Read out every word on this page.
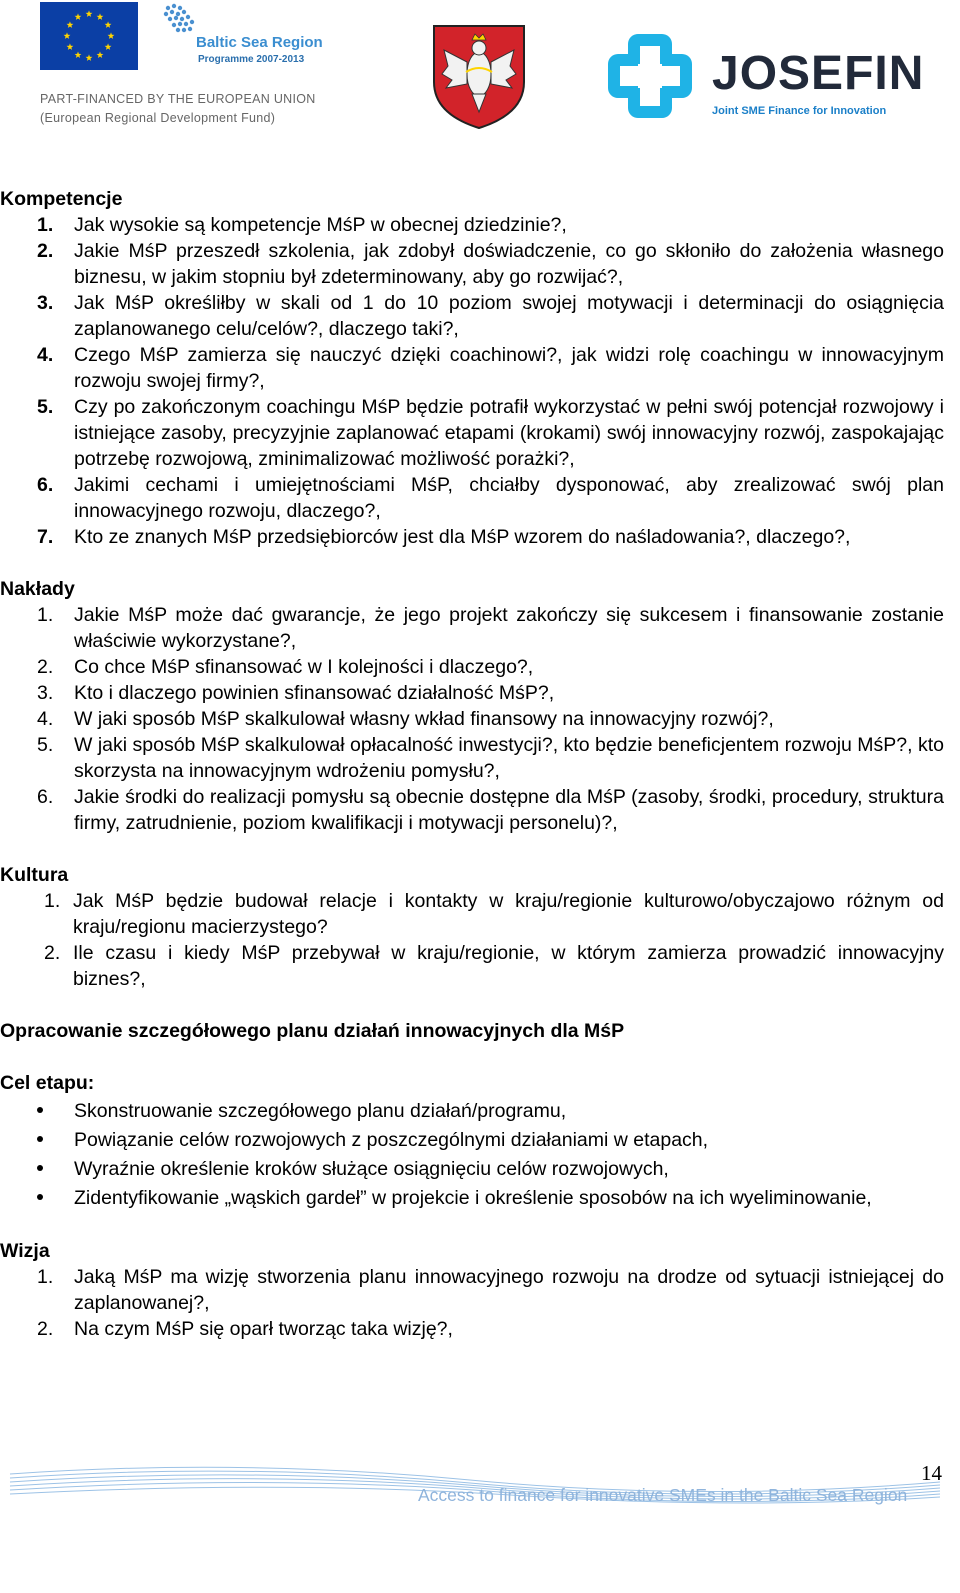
Baltic Sea Region
Programme 2007-2013
PART-FINANCED BY THE EUROPEAN UNION
(European Regional Development Fund)
JOSEFIN
Joint SME Finance for Innovation
Kompetencje
1. Jak wysokie są kompetencje MśP w obecnej dziedzinie?,
2. Jakie MśP przeszedł szkolenia, jak zdobył doświadczenie, co go skłoniło do założenia własnego biznesu, w jakim stopniu był zdeterminowany, aby go rozwijać?,
3. Jak MśP określiłby w skali od 1 do 10 poziom swojej motywacji i determinacji do osiągnięcia zaplanowanego celu/celów?, dlaczego taki?,
4. Czego MśP zamierza się nauczyć dzięki coachinowi?, jak widzi rolę coachingu w innowacyjnym rozwoju swojej firmy?,
5. Czy po zakończonym coachingu MśP będzie potrafił wykorzystać w pełni swój potencjał rozwojowy i istniejące zasoby, precyzyjnie zaplanować etapami (krokami) swój innowacyjny rozwój, zaspokajając potrzebę rozwojową, zminimalizować możliwość porażki?,
6. Jakimi cechami i umiejętnościami MśP, chciałby dysponować, aby zrealizować swój plan innowacyjnego rozwoju, dlaczego?,
7. Kto ze znanych MśP przedsiębiorców jest dla MśP wzorem do naśladowania?, dlaczego?,
Nakłady
1. Jakie MśP może dać gwarancje, że jego projekt zakończy się sukcesem i finansowanie zostanie właściwie wykorzystane?,
2. Co chce MśP sfinansować w I kolejności i dlaczego?,
3. Kto i dlaczego powinien sfinansować działalność MśP?,
4. W jaki sposób MśP skalkulował własny wkład finansowy na innowacyjny rozwój?,
5. W jaki sposób MśP skalkulował opłacalność inwestycji?, kto będzie beneficjentem rozwoju MśP?, kto skorzysta na innowacyjnym wdrożeniu pomysłu?,
6. Jakie środki do realizacji pomysłu są obecnie dostępne dla MśP (zasoby, środki, procedury, struktura firmy, zatrudnienie, poziom kwalifikacji i motywacji personelu)?,
Kultura
1. Jak MśP będzie budował relacje i kontakty w kraju/regionie kulturowo/obyczajowo różnym od kraju/regionu macierzystego?
2. Ile czasu i kiedy MśP przebywał w kraju/regionie, w którym zamierza prowadzić innowacyjny biznes?,
Opracowanie szczegółowego planu działań innowacyjnych dla MśP
Cel etapu:
Skonstruowanie szczegółowego planu działań/programu,
Powiązanie celów rozwojowych z poszczególnymi działaniami w etapach,
Wyraźnie określenie kroków służące osiągnięciu celów rozwojowych,
Zidentyfikowanie „wąskich gardeł” w projekcie i określenie sposobów na ich wyeliminowanie,
Wizja
1. Jaką MśP ma wizję stworzenia planu innowacyjnego rozwoju na drodze od sytuacji istniejącej do zaplanowanej?,
2. Na czym MśP się oparł tworząc taka wizję?,
14
Access to finance for innovative SMEs in the Baltic Sea Region
